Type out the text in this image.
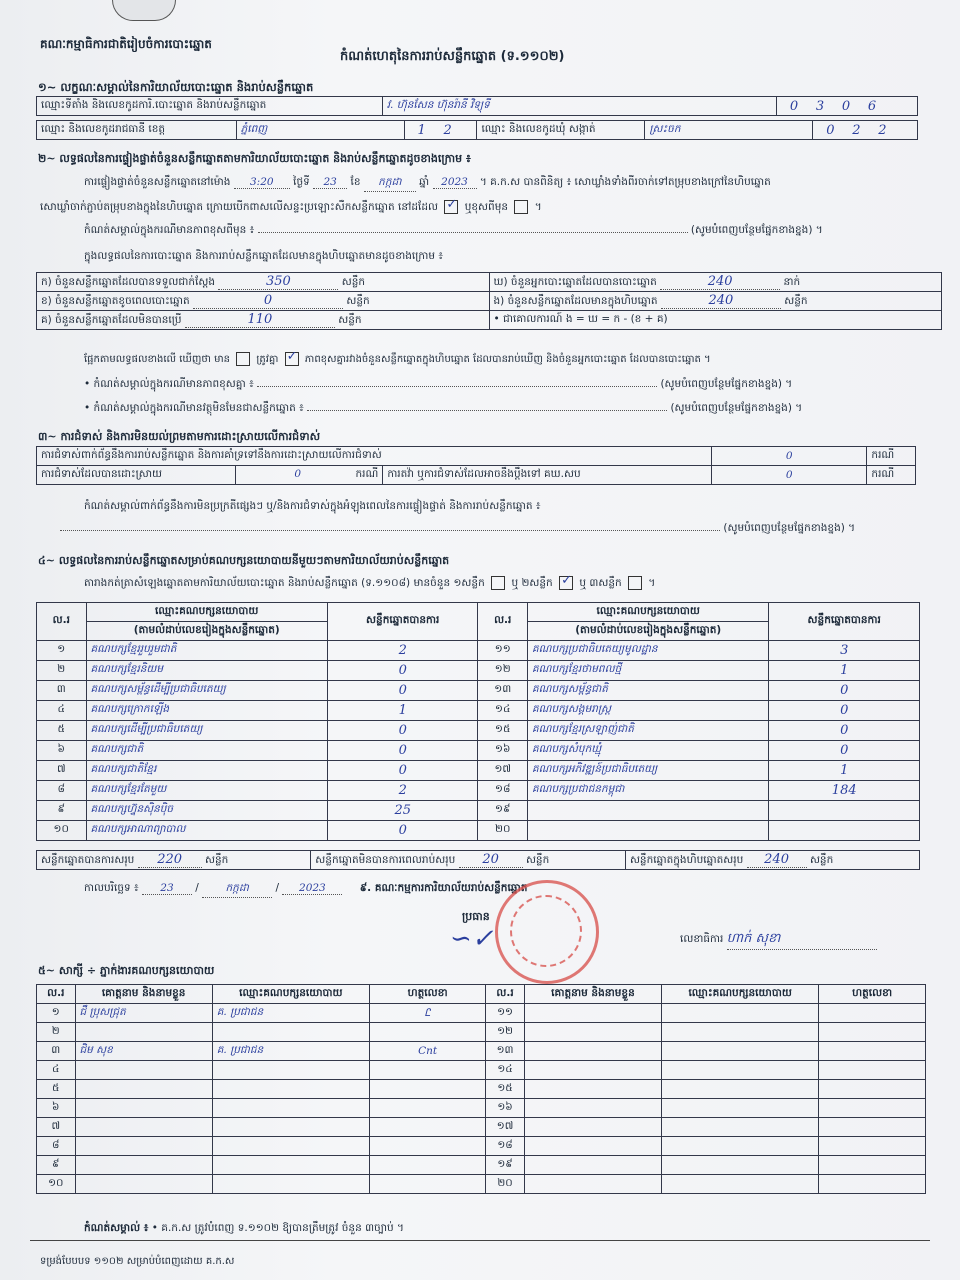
គណៈកម្មាធិការជាតិរៀបចំការបោះឆ្នោត
កំណត់ហេតុនៃការរាប់សន្លឹកឆ្នោត (ទ.១១០២)
១~ លក្ខណៈសម្គាល់នៃការិយាល័យបោះឆ្នោត និងរាប់សន្លឹកឆ្នោត
ឈ្មោះទីតាំង និងលេខកូដការិ.បោះឆ្នោត និងរាប់សន្លឹកឆ្នោត	វ. ហ៊ុនសែន ហ៊ុនរ៉ានី វិទ្យុទី	0 3 0 6
ឈ្មោះ និងលេខកូដរាជធានី ខេត្ត	ភ្នំពេញ	1 2	ឈ្មោះ និងលេខកូដឃុំ សង្កាត់	ស្រះចក	0 2 2
២~ លទ្ធផលនៃការផ្ទៀងផ្ទាត់ចំនួនសន្លឹកឆ្នោតតាមការិយាល័យបោះឆ្នោត និងរាប់សន្លឹកឆ្នោតដូចខាងក្រោម ៖
ការផ្ទៀងផ្ទាត់ចំនួនសន្លឹកឆ្នោតនៅម៉ោង 3:20 ថ្ងៃទី 23 ខែ កក្កដា ឆ្នាំ 2023 ។ គ.ក.ស បានពិនិត្យ ៖ សោឃ្លាំងទាំងពីរចាក់ទៅតម្រុបខាងក្រៅនៃហិបឆ្នោត
សោឃ្លាំចាក់ភ្ជាប់តម្រុបខាងក្នុងនៃហិបឆ្នោត ក្រោយបើកពាសលើសន្ទះប្រឡោះសឺកសន្លឹកឆ្នោត នៅដដែល ✓	ឬខុសពីមុន  ។
កំណត់សម្គាល់ក្នុងករណីមានភាពខុសពីមុន ៖	(សូមបំពេញបន្ថែមផ្នែកខាងខ្នង) ។
ក្នុងលទ្ធផលនៃការបោះឆ្នោត និងការរាប់សន្លឹកឆ្នោតដែលមានក្នុងហិបឆ្នោតមានដូចខាងក្រោម ៖
ក) ចំនួនសន្លឹកឆ្នោតដែលបានទទួលជាក់ស្តែង 350 សន្លឹក	ឃ) ចំនួនអ្នកបោះឆ្នោតដែលបានបោះឆ្នោត 240 នាក់
ខ) ចំនួនសន្លឹកឆ្នោតខូចពេលបោះឆ្នោត 0 សន្លឹក	ង) ចំនួនសន្លឹកឆ្នោតដែលមានក្នុងហិបឆ្នោត 240 សន្លឹក
គ) ចំនួនសន្លឹកឆ្នោតដែលមិនបានប្រើ 110 សន្លឹក	• ជាគោលការណ៍ ង = ឃ = ក - (ខ + គ)
ផ្អែកតាមលទ្ធផលខាងលើ ឃើញថា មាន	ត្រូវគ្នា ✓	ភាពខុសគ្នារវាងចំនួនសន្លឹកឆ្នោតក្នុងហិបឆ្នោត ដែលបានរាប់ឃើញ និងចំនួនអ្នកបោះឆ្នោត ដែលបានបោះឆ្នោត ។
• កំណត់សម្គាល់ក្នុងករណីមានភាពខុសគ្នា ៖	(សូមបំពេញបន្ថែមផ្នែកខាងខ្នង) ។
• កំណត់សម្គាល់ក្នុងករណីមានវត្ថុមិនមែនជាសន្លឹកឆ្នោត ៖	(សូមបំពេញបន្ថែមផ្នែកខាងខ្នង) ។
៣~ ការជំទាស់ និងការមិនយល់ព្រមតាមការដោះស្រាយលើការជំទាស់
ការជំទាស់ពាក់ព័ន្ធនឹងការរាប់សន្លឹកឆ្នោត និងការគាំទ្រទៅនឹងការដោះស្រាយលើការជំទាស់			0	ករណី
ការជំទាស់ដែលបានដោះស្រាយ	0 ករណី	ការតវ៉ា ឬការជំទាស់ដែលអាចនឹងប្តឹងទៅ គឃ.សប	0	ករណី
កំណត់សម្គាល់ពាក់ព័ន្ធនឹងការមិនប្រក្រតីផ្សេងៗ ឬ/និងការជំទាស់ក្នុងអំឡុងពេលនៃការផ្ទៀងផ្ទាត់ និងការរាប់សន្លឹកឆ្នោត ៖
(សូមបំពេញបន្ថែមផ្នែកខាងខ្នង) ។
៤~ លទ្ធផលនៃការរាប់សន្លឹកឆ្នោតសម្រាប់គណបក្សនយោបាយនីមួយៗតាមការិយាល័យរាប់សន្លឹកឆ្នោត
តារាងកត់ត្រាសំឡេងឆ្នោតតាមការិយាល័យបោះឆ្នោត និងរាប់សន្លឹកឆ្នោត (ទ.១១០៨) មានចំនួន ១សន្លឹក	ឬ ២សន្លឹក ✓	ឬ ៣សន្លឹក  ។
ល.រ	ឈ្មោះគណបក្សនយោបាយ	សន្លឹកឆ្នោតបានការ	ល.រ	ឈ្មោះគណបក្សនយោបាយ	សន្លឹកឆ្នោតបានការ
	(តាមលំដាប់លេខរៀងក្នុងសន្លឹកឆ្នោត)			(តាមលំដាប់លេខរៀងក្នុងសន្លឹកឆ្នោត)	
១	គណបក្សខ្មែររួបរួមជាតិ	2	១១	គណបក្សប្រជាធិបតេយ្យមូលដ្ឋាន	3
២	គណបក្សខ្មែរនិយម	0	១២	គណបក្សខ្មែរថាមពលថ្មី	1
៣	គណបក្សសម្ព័ន្ធដើម្បីប្រជាធិបតេយ្យ	0	១៣	គណបក្សសម្ព័ន្ធជាតិ	0
៤	គណបក្សក្រោកឡើង	1	១៤	គណបក្សសង្គមរាស្ត្រ	0
៥	គណបក្សដើម្បីប្រជាធិបតេយ្យ	0	១៥	គណបក្សខ្មែរស្រឡាញ់ជាតិ	0
៦	គណបក្សជាតិ	0	១៦	គណបក្សសំបុកឃ្មុំ	0
៧	គណបក្សជាតិខ្មែរ	0	១៧	គណបក្សអភិវឌ្ឍន៍ប្រជាធិបតេយ្យ	1
៨	គណបក្សខ្មែរតែមួយ	2	១៨	គណបក្សប្រជាជនកម្ពុជា	184
៩	គណបក្សហ្វ៊ុនស៊ិនប៉ិច	25	១៩		
១០	គណបក្សអាណាព្យាបាល	0	២០		
សន្លឹកឆ្នោតបានការសរុប 220 សន្លឹក	សន្លឹកឆ្នោតមិនបានការពេលរាប់សរុប 20	សន្លឹក	សន្លឹកឆ្នោតក្នុងហិបឆ្នោតសរុប 240 សន្លឹក
កាលបរិច្ឆេទ ៖ 23 / កក្កដា / 2023	៩. គណៈកម្មការការិយាល័យរាប់សន្លឹកឆ្នោត
ប្រធាន
∽✓	លេខាធិការ ហាក់ សុខា
៥~ សាក្សី ÷ ភ្នាក់ងារគណបក្សនយោបាយ
ល.រ	គោត្តនាម និងនាមខ្លួន	ឈ្មោះគណបក្សនយោបាយ	ហត្ថលេខា	ល.រ	គោត្តនាម និងនាមខ្លួន	ឈ្មោះគណបក្សនយោបាយ	ហត្ថលេខា
១	ជឹ ប្រុសជ្រុត	គ. ប្រជាជន	Ꮭ	១១			
២				១២			
៣	ជិម សុខ	គ. ប្រជាជន	Cnt	១៣			
៤				១៤			
៥				១៥			
៦				១៦			
៧				១៧			
៨				១៨			
៩				១៩			
១០				២០			
កំណត់សម្គាល់ ៖ • គ.ក.ស ត្រូវបំពេញ ទ.១១០២ ឱ្យបានត្រឹមត្រូវ ចំនួន ៣ច្បាប់ ។
ទម្រង់បែបបទ ១១០២ សម្រាប់បំពេញដោយ គ.ក.ស
